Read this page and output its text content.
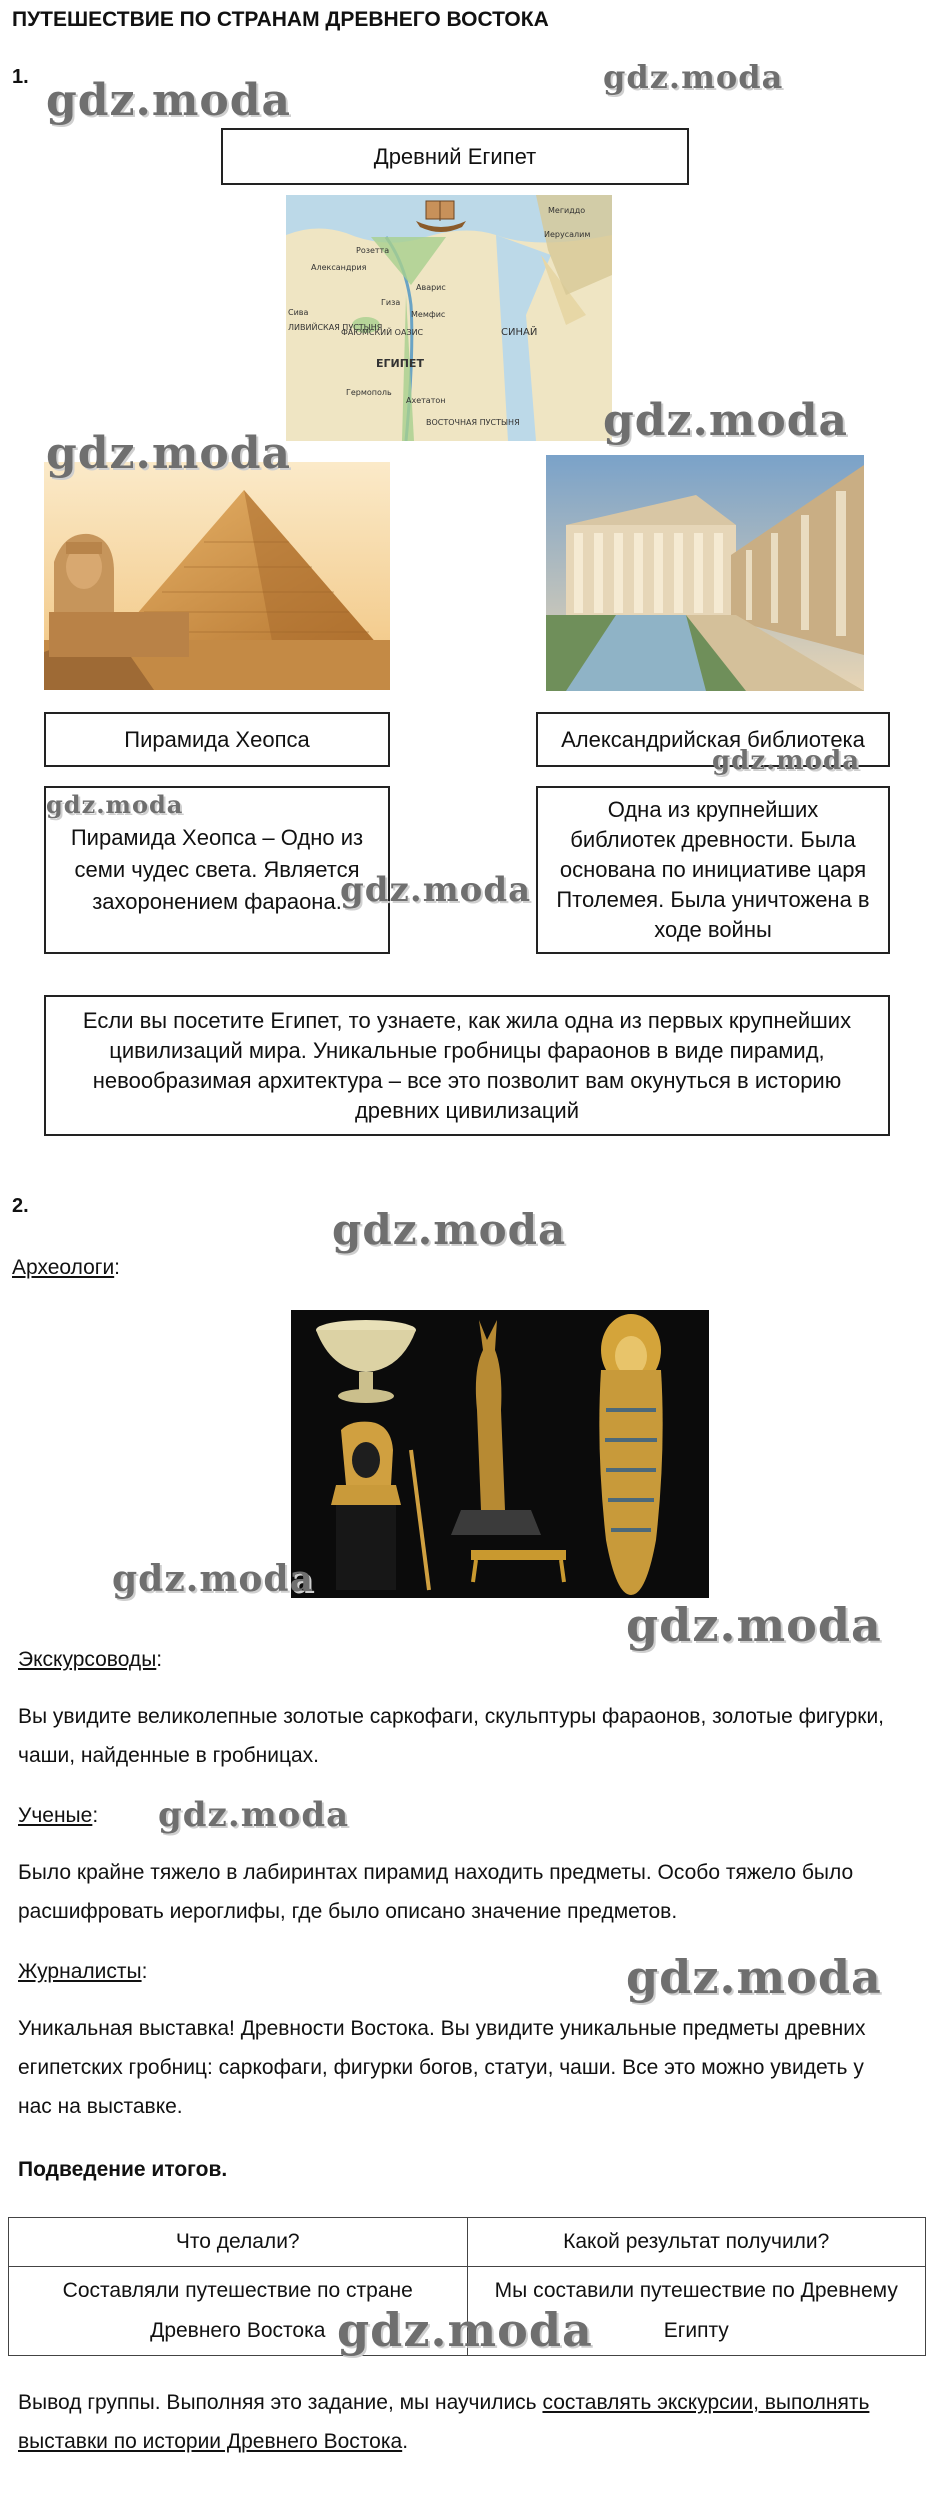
ПУТЕШЕСТВИЕ ПО СТРАНАМ ДРЕВНЕГО ВОСТОКА
1.
Древний Египет
Мегиддо
Иерусалим
Розетта
Александрия
Аварис
Гиза
Мемфис
Сива
ЛИВИЙСКАЯ ПУСТЫНЯ
ФАЮМСКИЙ ОАЗИС	СИНАЙ
ЕГИПЕТ
Гермополь
Ахетатон
ВОСТОЧНАЯ ПУСТЫНЯ
Пирамида Хеопса	Александрийская библиотека
Пирамида Хеопса – Одно из семи чудес света. Является захоронением фараона.
Одна из крупнейших библиотек древности. Была основана по инициативе царя Птолемея. Была уничтожена в ходе войны
Если вы посетите Египет, то узнаете, как жила одна из первых крупнейших цивилизаций мира. Уникальные гробницы фараонов в виде пирамид, невообразимая архитектура – все это позволит вам окунуться в историю древних цивилизаций
2.
Археологи:
Экскурсоводы:
Вы увидите великолепные золотые саркофаги, скульптуры фараонов, золотые фигурки, чаши, найденные в гробницах.
Ученые:
Было крайне тяжело в лабиринтах пирамид находить предметы. Особо тяжело было расшифровать иероглифы, где было описано значение предметов.
Журналисты:
Уникальная выставка! Древности Востока. Вы увидите уникальные предметы древних египетских гробниц: саркофаги, фигурки богов, статуи, чаши. Все это можно увидеть у нас на выставке.
Подведение итогов.
Что делали?	Какой результат получили?
Составляли путешествие по стране Древнего Востока	Мы составили путешествие по Древнему Египту
Вывод группы. Выполняя это задание, мы научились составлять экскурсии, выполнять выставки по истории Древнего Востока.
gdz.moda	gdz.moda
gdz.moda
gdz.moda
gdz.moda
gdz.moda
gdz.moda
gdz.moda
gdz.moda
gdz.moda
gdz.moda
gdz.moda
gdz.moda
